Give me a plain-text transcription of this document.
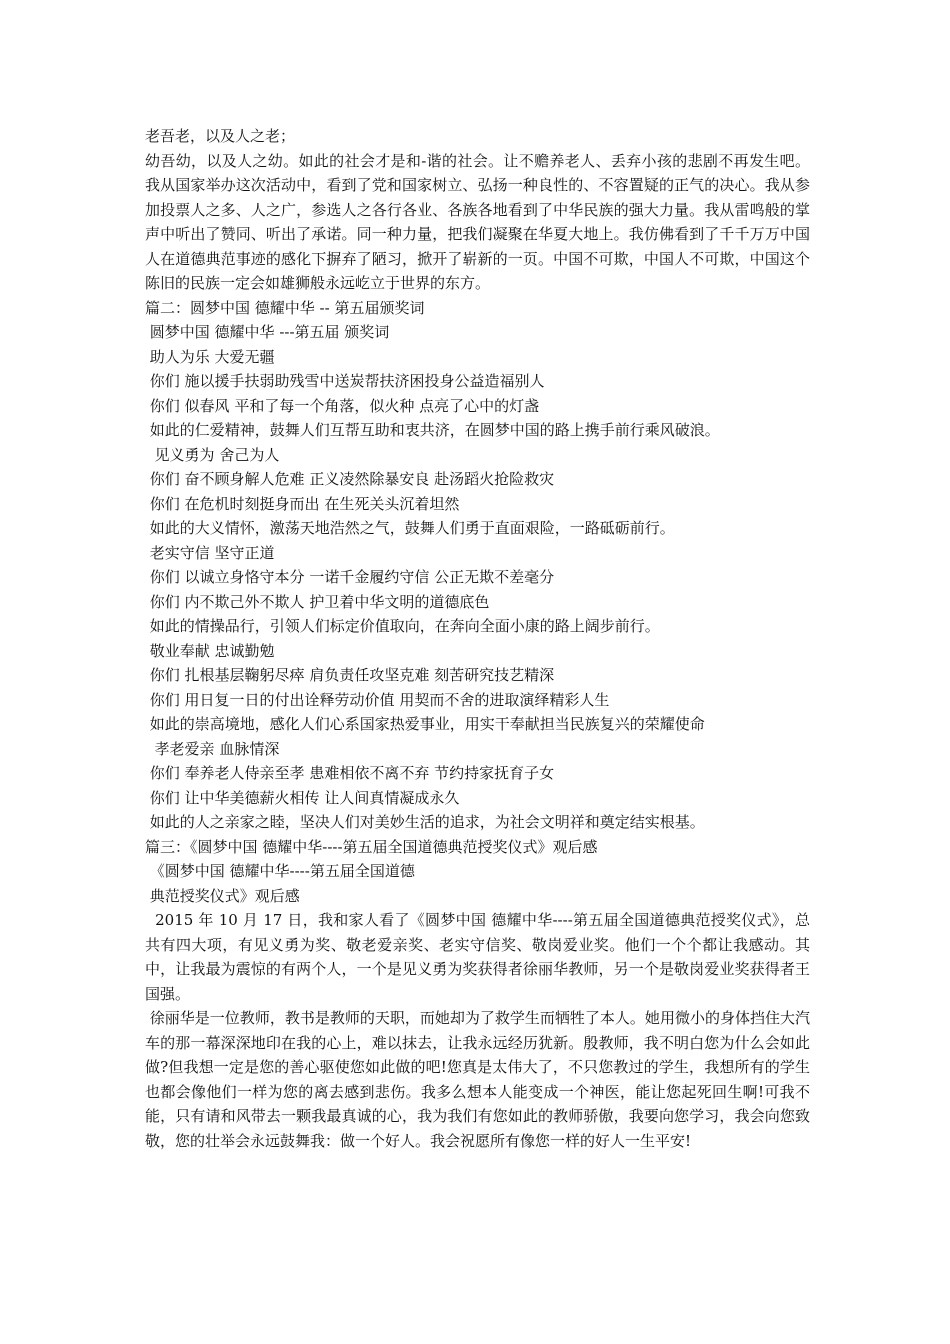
老吾老，以及人之老；

幼吾幼，以及人之幼。如此的社会才是和-谐的社会。让不赡养老人、丢弃小孩的悲剧不再发生吧。我从国家举办这次活动中，看到了党和国家树立、弘扬一种良性的、不容置疑的正气的决心。我从参加投票人之多、人之广，参选人之各行各业、各族各地看到了中华民族的强大力量。我从雷鸣般的掌声中听出了赞同、听出了承诺。同一种力量，把我们凝聚在华夏大地上。我仿佛看到了千千万万中国人在道德典范事迹的感化下摒弃了陋习，掀开了崭新的一页。中国不可欺，中国人不可欺，中国这个陈旧的民族一定会如雄狮般永远屹立于世界的东方。

篇二：圆梦中国 德耀中华 -- 第五届颁奖词

圆梦中国 德耀中华 ---第五届 颁奖词

助人为乐 大爱无疆

你们 施以援手扶弱助残雪中送炭帮扶济困投身公益造福别人

你们 似春风 平和了每一个角落，似火种 点亮了心中的灯盏

如此的仁爱精神，鼓舞人们互帮互助和衷共济，在圆梦中国的路上携手前行乘风破浪。

见义勇为 舍己为人

你们 奋不顾身解人危难 正义凌然除暴安良 赴汤蹈火抢险救灾

你们 在危机时刻挺身而出 在生死关头沉着坦然

如此的大义情怀，激荡天地浩然之气，鼓舞人们勇于直面艰险，一路砥砺前行。

老实守信 坚守正道

你们 以诚立身恪守本分 一诺千金履约守信 公正无欺不差毫分

你们 内不欺己外不欺人 护卫着中华文明的道德底色

如此的情操品行，引领人们标定价值取向，在奔向全面小康的路上阔步前行。

敬业奉献 忠诚勤勉

你们 扎根基层鞠躬尽瘁 肩负责任攻坚克难 刻苦研究技艺精深

你们 用日复一日的付出诠释劳动价值 用契而不舍的进取演绎精彩人生

如此的崇高境地，感化人们心系国家热爱事业，用实干奉献担当民族复兴的荣耀使命

孝老爱亲 血脉情深

你们 奉养老人侍亲至孝 患难相依不离不弃 节约持家抚育子女

你们 让中华美德薪火相传 让人间真情凝成永久

如此的人之亲家之睦，坚决人们对美妙生活的追求，为社会文明祥和奠定结实根基。

篇三：《圆梦中国 德耀中华----第五届全国道德典范授奖仪式》观后感

《圆梦中国 德耀中华----第五届全国道德

典范授奖仪式》观后感

2015 年 10 月 17 日，我和家人看了《圆梦中国 德耀中华----第五届全国道德典范授奖仪式》，总共有四大项，有见义勇为奖、敬老爱亲奖、老实守信奖、敬岗爱业奖。他们一个个都让我感动。其中，让我最为震惊的有两个人，一个是见义勇为奖获得者徐丽华教师，另一个是敬岗爱业奖获得者王国强。

徐丽华是一位教师，教书是教师的天职，而她却为了救学生而牺牲了本人。她用微小的身体挡住大汽车的那一幕深深地印在我的心上，难以抹去，让我永远经历犹新。殷教师，我不明白您为什么会如此做?但我想一定是您的善心驱使您如此做的吧!您真是太伟大了，不只您教过的学生，我想所有的学生也都会像他们一样为您的离去感到悲伤。我多么想本人能变成一个神医，能让您起死回生啊!可我不能，只有请和风带去一颗我最真诚的心，我为我们有您如此的教师骄傲，我要向您学习，我会向您致敬，您的壮举会永远鼓舞我：做一个好人。我会祝愿所有像您一样的好人一生平安!
